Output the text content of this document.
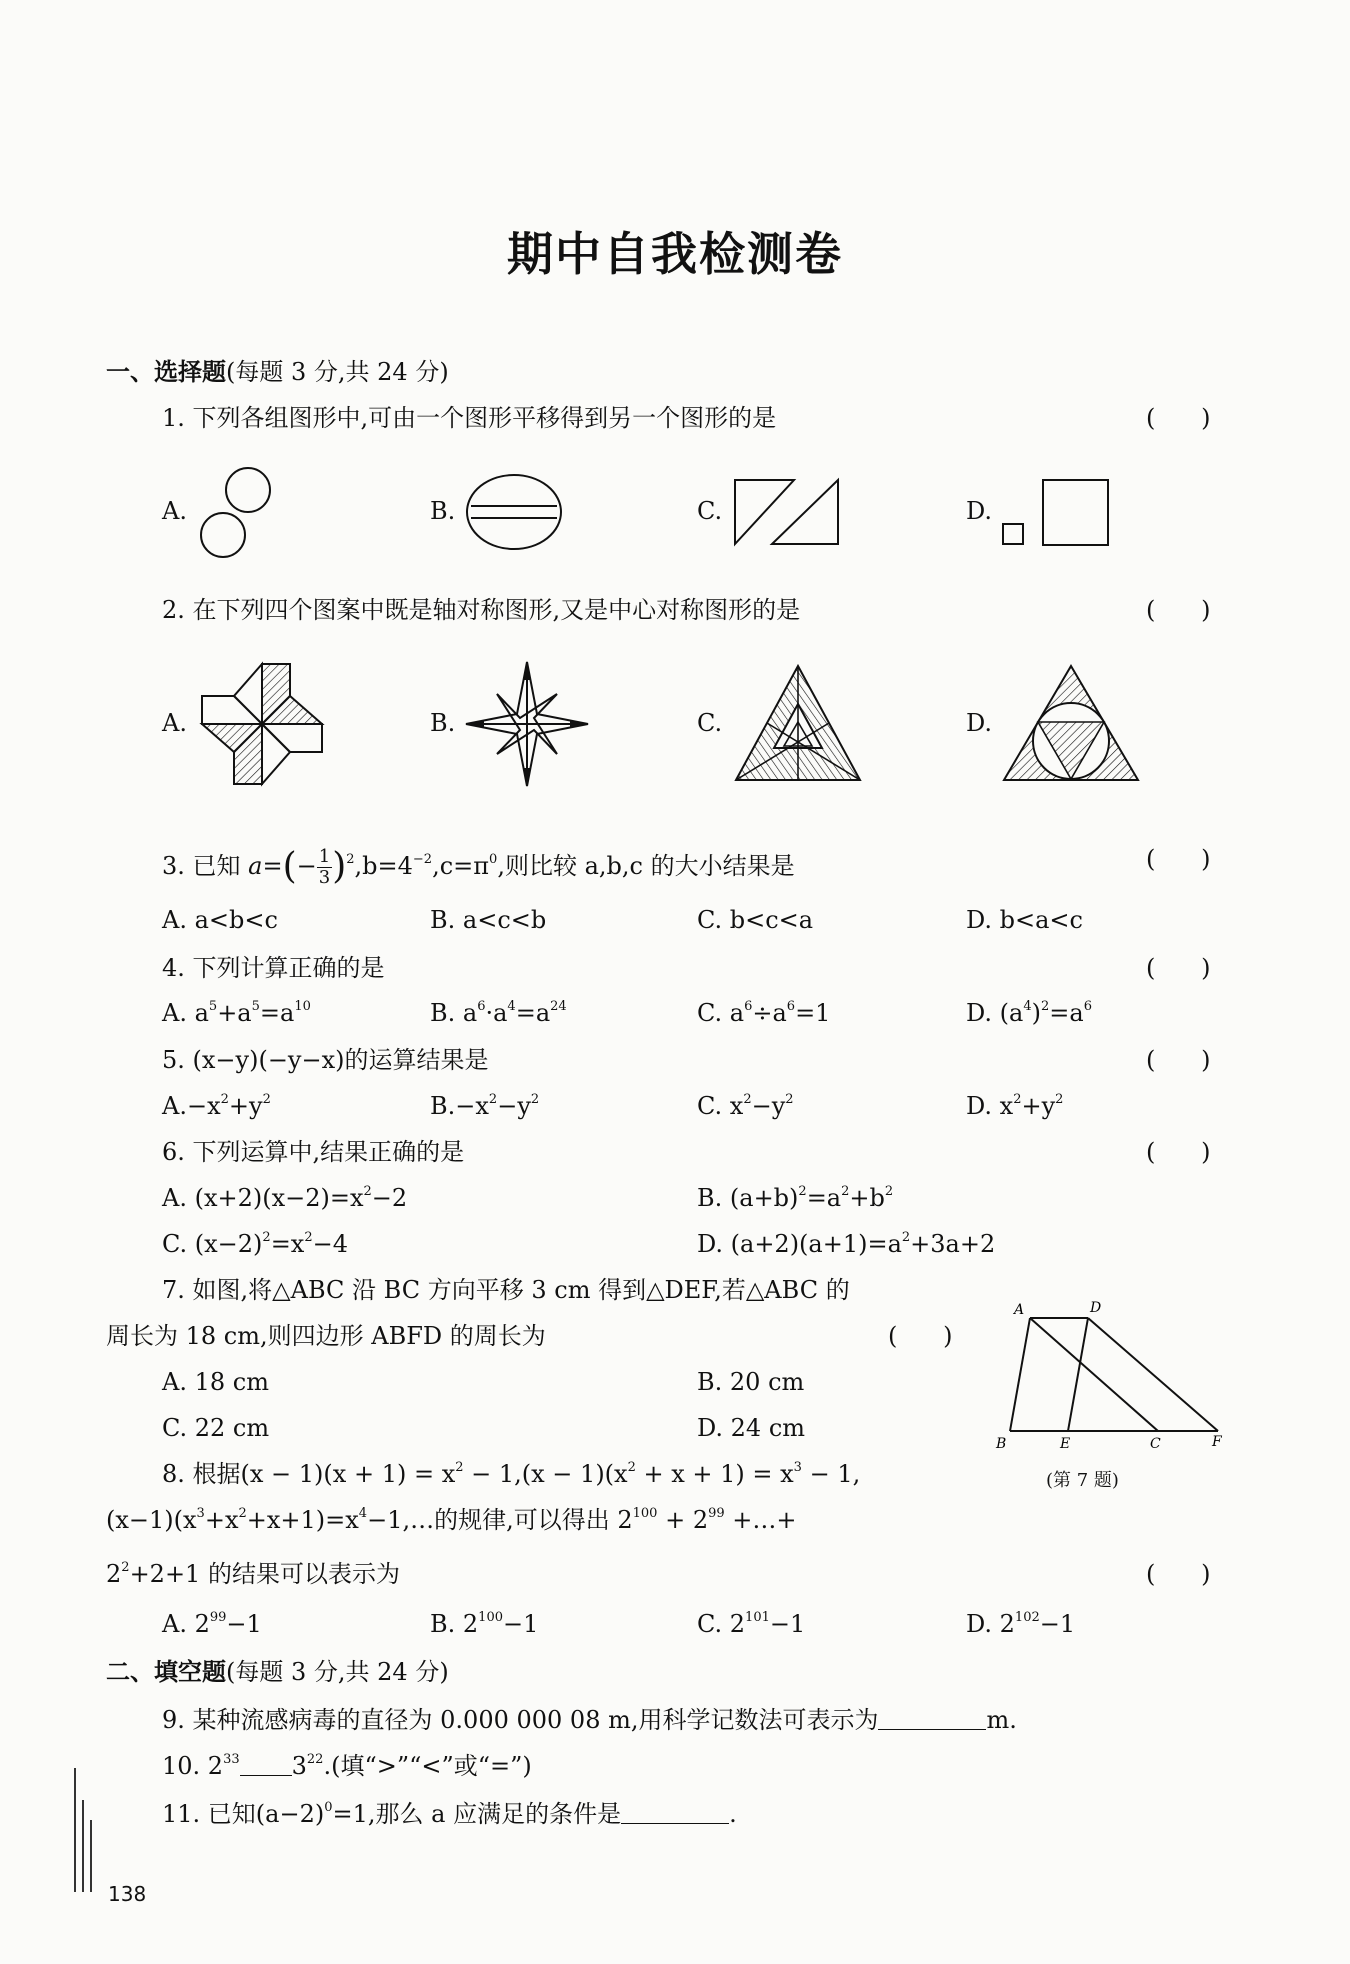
期中自我检测卷
一、选择题(每题 3 分,共 24 分)
1. 下列各组图形中,可由一个图形平移得到另一个图形的是	(      )
A.	B.	C.	D.
2. 在下列四个图案中既是轴对称图形,又是中心对称图形的是	(      )
A.	B.	C.	D.
3. 已知 $a=(- \frac{1}{3} )^2,b=4^{-2},c=\pi^0$,则比较 a,b,c 的大小结果是	(      )
A. a<b<c	B. a<c<b	C. b<c<a	D. b<a<c
4. 下列计算正确的是	(      )
A. $a^5+a^5=a^{10}$	B. $a^6\cdot a^4=a^{24}$	C. $a^6\div a^6=1$	D. $(a^4)^2=a^6$
5. (x−y)(−y−x)的运算结果是	(      )
$A.-x^2+y^2$	$B.-x^2-y^2$	C. $x^2-y^2$	D. $x^2+y^2$
6. 下列运算中,结果正确的是	(      )
A. $(x+2)(x-2)=x^2-2$	B. $(a+b)^2=a^2+b^2$
C. $(x-2)^2=x^2-4$	D. $(a+2)(a+1)=a^2+3a+2$
7. 如图,将△ABC 沿 BC 方向平移 3 cm 得到△DEF,若△ABC 的
周长为 18 cm,则四边形 ABFD 的周长为	(      )
A. 18 cm	B. 20 cm
C. 22 cm	D. 24 cm
A	D
B	E	C	F
(第 7 题)
8. 根据$(x - 1)(x + 1) = x^2 - 1,(x - 1)(x^2 + x + 1) = x^3 - 1$,
$(x-1)(x^3+x^2+x+1)=x^4-1,\dots$的规律,可以得出 $2^{100} + 2^{99}$ +…+
$2^2+2+1$ 的结果可以表示为	(      )
A. $2^{99}-1$	B. $2^{100}-1$	C. $2^{101}-1$	D. $2^{102}-1$
二、填空题(每题 3 分,共 24 分)
9. 某种流感病毒的直径为 0.000 000 08 m,用科学记数法可表示为	m.
10. $2^{33}$ $3^{22}$.(填“>”“<”或“=”)
11. 已知$(a-2)^0=1$,那么 a 应满足的条件是	.
138
